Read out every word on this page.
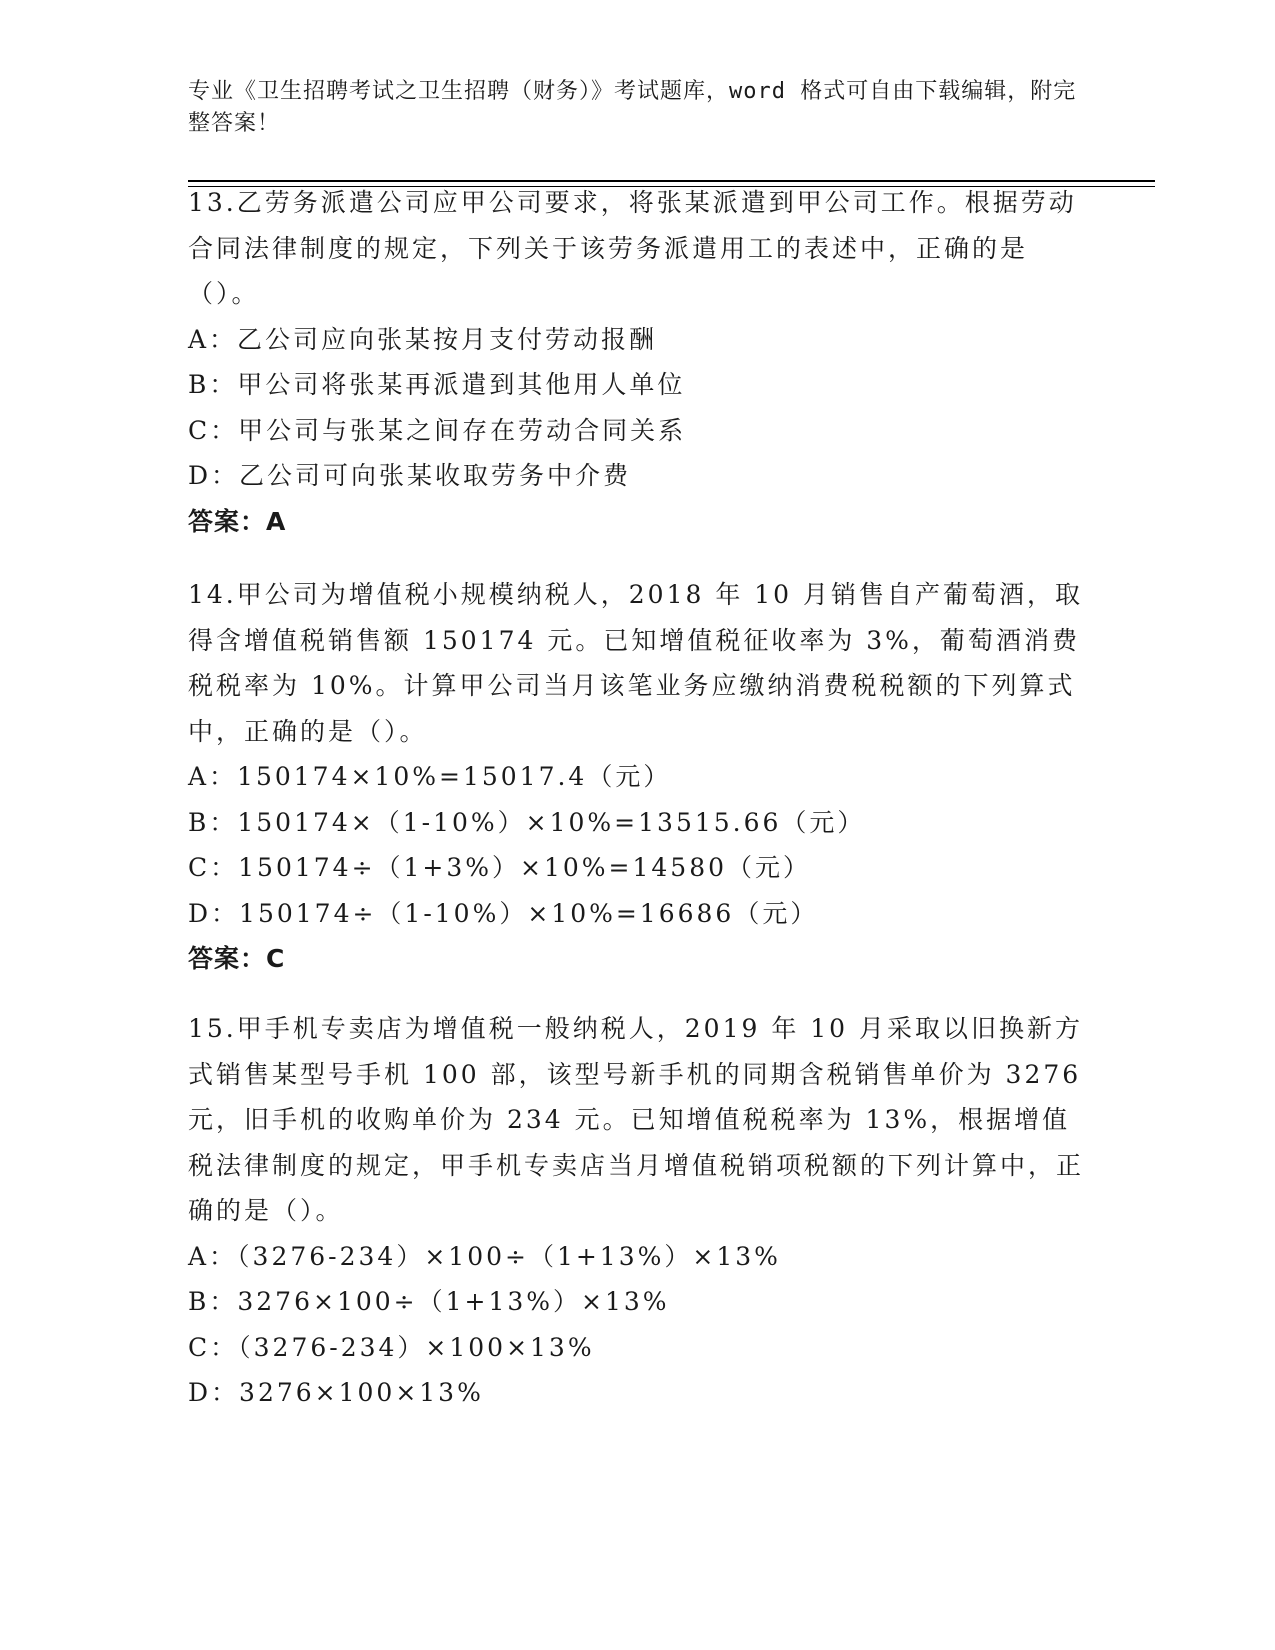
专业《卫生招聘考试之卫生招聘（财务）》考试题库，word 格式可自由下载编辑，附完整答案！

13.乙劳务派遣公司应甲公司要求，将张某派遣到甲公司工作。根据劳动合同法律制度的规定，下列关于该劳务派遣用工的表述中，正确的是（）。

A：乙公司应向张某按月支付劳动报酬

B：甲公司将张某再派遣到其他用人单位

C：甲公司与张某之间存在劳动合同关系

D：乙公司可向张某收取劳务中介费

答案：A

14.甲公司为增值税小规模纳税人，2018 年 10 月销售自产葡萄酒，取得含增值税销售额 150174 元。已知增值税征收率为 3%，葡萄酒消费税税率为 10%。计算甲公司当月该笔业务应缴纳消费税税额的下列算式中，正确的是（）。

A：150174×10%=15017.4（元）

B：150174×（1-10%）×10%=13515.66（元）

C：150174÷（1+3%）×10%=14580（元）

D：150174÷（1-10%）×10%=16686（元）

答案：C

15.甲手机专卖店为增值税一般纳税人，2019 年 10 月采取以旧换新方式销售某型号手机 100 部，该型号新手机的同期含税销售单价为 3276 元，旧手机的收购单价为 234 元。已知增值税税率为 13%，根据增值税法律制度的规定，甲手机专卖店当月增值税销项税额的下列计算中，正确的是（）。

A：（3276-234）×100÷（1+13%）×13%

B：3276×100÷（1+13%）×13%

C：（3276-234）×100×13%

D：3276×100×13%
